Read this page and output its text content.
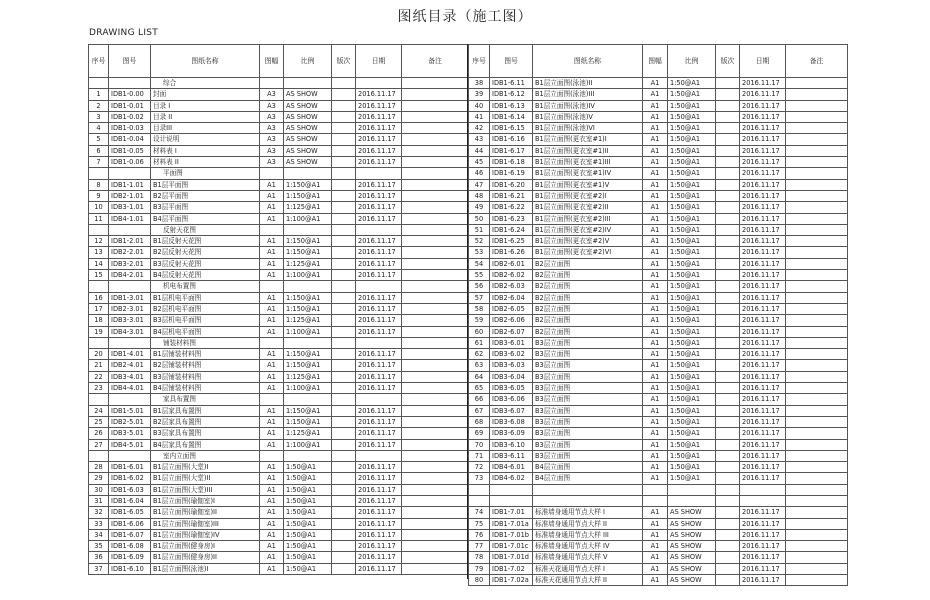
图纸目录（施工图）
DRAWING LIST
序号	图号	图纸名称	图幅	比例	版次	日期	备注
		综合					
1	IDB1-0.00	封面	A3	AS SHOW		2016.11.17	
2	IDB1-0.01	目录 I	A3	AS SHOW		2016.11.17	
3	IDB1-0.02	目录 II	A3	AS SHOW		2016.11.17	
4	IDB1-0.03	目录III	A3	AS SHOW		2016.11.17	
5	IDB1-0.04	设计说明	A3	AS SHOW		2016.11.17	
6	IDB1-0.05	材料表 I	A3	AS SHOW		2016.11.17	
7	IDB1-0.06	材料表 II	A3	AS SHOW		2016.11.17	
		平面图					
8	IDB1-1.01	B1层平面图	A1	1:150@A1		2016.11.17	
9	IDB2-1.01	B2层平面图	A1	1:150@A1		2016.11.17	
10	IDB3-1.01	B3层平面图	A1	1:125@A1		2016.11.17	
11	IDB4-1.01	B4层平面图	A1	1:100@A1		2016.11.17	
		反射天花图					
12	IDB1-2.01	B1层反射天花图	A1	1:150@A1		2016.11.17	
13	IDB2-2.01	B2层反射天花图	A1	1:150@A1		2016.11.17	
14	IDB3-2.01	B3层反射天花图	A1	1:125@A1		2016.11.17	
15	IDB4-2.01	B4层反射天花图	A1	1:100@A1		2016.11.17	
		机电布置图					
16	IDB1-3.01	B1层机电平面图	A1	1:150@A1		2016.11.17	
17	IDB2-3.01	B2层机电平面图	A1	1:150@A1		2016.11.17	
18	IDB3-3.01	B3层机电平面图	A1	1:125@A1		2016.11.17	
19	IDB4-3.01	B4层机电平面图	A1	1:100@A1		2016.11.17	
		铺装材料图					
20	IDB1-4.01	B1层铺装材料图	A1	1:150@A1		2016.11.17	
21	IDB2-4.01	B2层铺装材料图	A1	1:150@A1		2016.11.17	
22	IDB3-4.01	B3层铺装材料图	A1	1:125@A1		2016.11.17	
23	IDB4-4.01	B4层铺装材料图	A1	1:100@A1		2016.11.17	
		家具布置图					
24	IDB1-5.01	B1层家具布置图	A1	1:150@A1		2016.11.17	
25	IDB2-5.01	B2层家具布置图	A1	1:150@A1		2016.11.17	
26	IDB3-5.01	B3层家具布置图	A1	1:125@A1		2016.11.17	
27	IDB4-5.01	B4层家具布置图	A1	1:100@A1		2016.11.17	
		室内立面图					
28	IDB1-6.01	B1层立面图(大堂)I	A1	1:50@A1		2016.11.17	
29	IDB1-6.02	B1层立面图(大堂)II	A1	1:50@A1		2016.11.17	
30	IDB1-6.03	B1层立面图(大堂)III	A1	1:50@A1		2016.11.17	
31	IDB1-6.04	B1层立面图(瑜伽室)I	A1	1:50@A1		2016.11.17	
32	IDB1-6.05	B1层立面图(瑜伽室)II	A1	1:50@A1		2016.11.17	
33	IDB1-6.06	B1层立面图(瑜伽室)III	A1	1:50@A1		2016.11.17	
34	IDB1-6.07	B1层立面图(瑜伽室)IV	A1	1:50@A1		2016.11.17	
35	IDB1-6.08	B1层立面图(健身房)I	A1	1:50@A1		2016.11.17	
36	IDB1-6.09	B1层立面图(健身房)II	A1	1:50@A1		2016.11.17	
37	IDB1-6.10	B1层立面图(泳池)I	A1	1:50@A1		2016.11.17	
序号	图号	图纸名称	图幅	比例	版次	日期	备注
38	IDB1-6.11	B1层立面图(泳池)II	A1	1:50@A1		2016.11.17	
39	IDB1-6.12	B1层立面图(泳池)III	A1	1:50@A1		2016.11.17	
40	IDB1-6.13	B1层立面图(泳池)IV	A1	1:50@A1		2016.11.17	
41	IDB1-6.14	B1层立面图(泳池)V	A1	1:50@A1		2016.11.17	
42	IDB1-6.15	B1层立面图(泳池)VI	A1	1:50@A1		2016.11.17	
43	IDB1-6.16	B1层立面图(更衣室#1)I	A1	1:50@A1		2016.11.17	
44	IDB1-6.17	B1层立面图(更衣室#1)II	A1	1:50@A1		2016.11.17	
45	IDB1-6.18	B1层立面图(更衣室#1)III	A1	1:50@A1		2016.11.17	
46	IDB1-6.19	B1层立面图(更衣室#1)IV	A1	1:50@A1		2016.11.17	
47	IDB1-6.20	B1层立面图(更衣室#1)V	A1	1:50@A1		2016.11.17	
48	IDB1-6.21	B1层立面图(更衣室#2)I	A1	1:50@A1		2016.11.17	
49	IDB1-6.22	B1层立面图(更衣室#2)II	A1	1:50@A1		2016.11.17	
50	IDB1-6.23	B1层立面图(更衣室#2)III	A1	1:50@A1		2016.11.17	
51	IDB1-6.24	B1层立面图(更衣室#2)IV	A1	1:50@A1		2016.11.17	
52	IDB1-6.25	B1层立面图(更衣室#2)V	A1	1:50@A1		2016.11.17	
53	IDB1-6.26	B1层立面图(更衣室#2)VI	A1	1:50@A1		2016.11.17	
54	IDB2-6.01	B2层立面图	A1	1:50@A1		2016.11.17	
55	IDB2-6.02	B2层立面图	A1	1:50@A1		2016.11.17	
56	IDB2-6.03	B2层立面图	A1	1:50@A1		2016.11.17	
57	IDB2-6.04	B2层立面图	A1	1:50@A1		2016.11.17	
58	IDB2-6.05	B2层立面图	A1	1:50@A1		2016.11.17	
59	IDB2-6.06	B2层立面图	A1	1:50@A1		2016.11.17	
60	IDB2-6.07	B2层立面图	A1	1:50@A1		2016.11.17	
61	IDB3-6.01	B3层立面图	A1	1:50@A1		2016.11.17	
62	IDB3-6.02	B3层立面图	A1	1:50@A1		2016.11.17	
63	IDB3-6.03	B3层立面图	A1	1:50@A1		2016.11.17	
64	IDB3-6.04	B3层立面图	A1	1:50@A1		2016.11.17	
65	IDB3-6.05	B3层立面图	A1	1:50@A1		2016.11.17	
66	IDB3-6.06	B3层立面图	A1	1:50@A1		2016.11.17	
67	IDB3-6.07	B3层立面图	A1	1:50@A1		2016.11.17	
68	IDB3-6.08	B3层立面图	A1	1:50@A1		2016.11.17	
69	IDB3-6.09	B3层立面图	A1	1:50@A1		2016.11.17	
70	IDB3-6.10	B3层立面图	A1	1:50@A1		2016.11.17	
71	IDB3-6.11	B3层立面图	A1	1:50@A1		2016.11.17	
72	IDB4-6.01	B4层立面图	A1	1:50@A1		2016.11.17	
73	IDB4-6.02	B4层立面图	A1	1:50@A1		2016.11.17	

74	IDB1-7.01	标准墙身通用节点大样 I	A1	AS SHOW		2016.11.17	
75	IDB1-7.01a	标准墙身通用节点大样 II	A1	AS SHOW		2016.11.17	
76	IDB1-7.01b	标准墙身通用节点大样 III	A1	AS SHOW		2016.11.17	
77	IDB1-7.01c	标准墙身通用节点大样 IV	A1	AS SHOW		2016.11.17	
78	IDB1-7.01d	标准墙身通用节点大样 V	A1	AS SHOW		2016.11.17	
79	IDB1-7.02	标准天花通用节点大样 I	A1	AS SHOW		2016.11.17	
80	IDB1-7.02a	标准天花通用节点大样 II	A1	AS SHOW		2016.11.17	
